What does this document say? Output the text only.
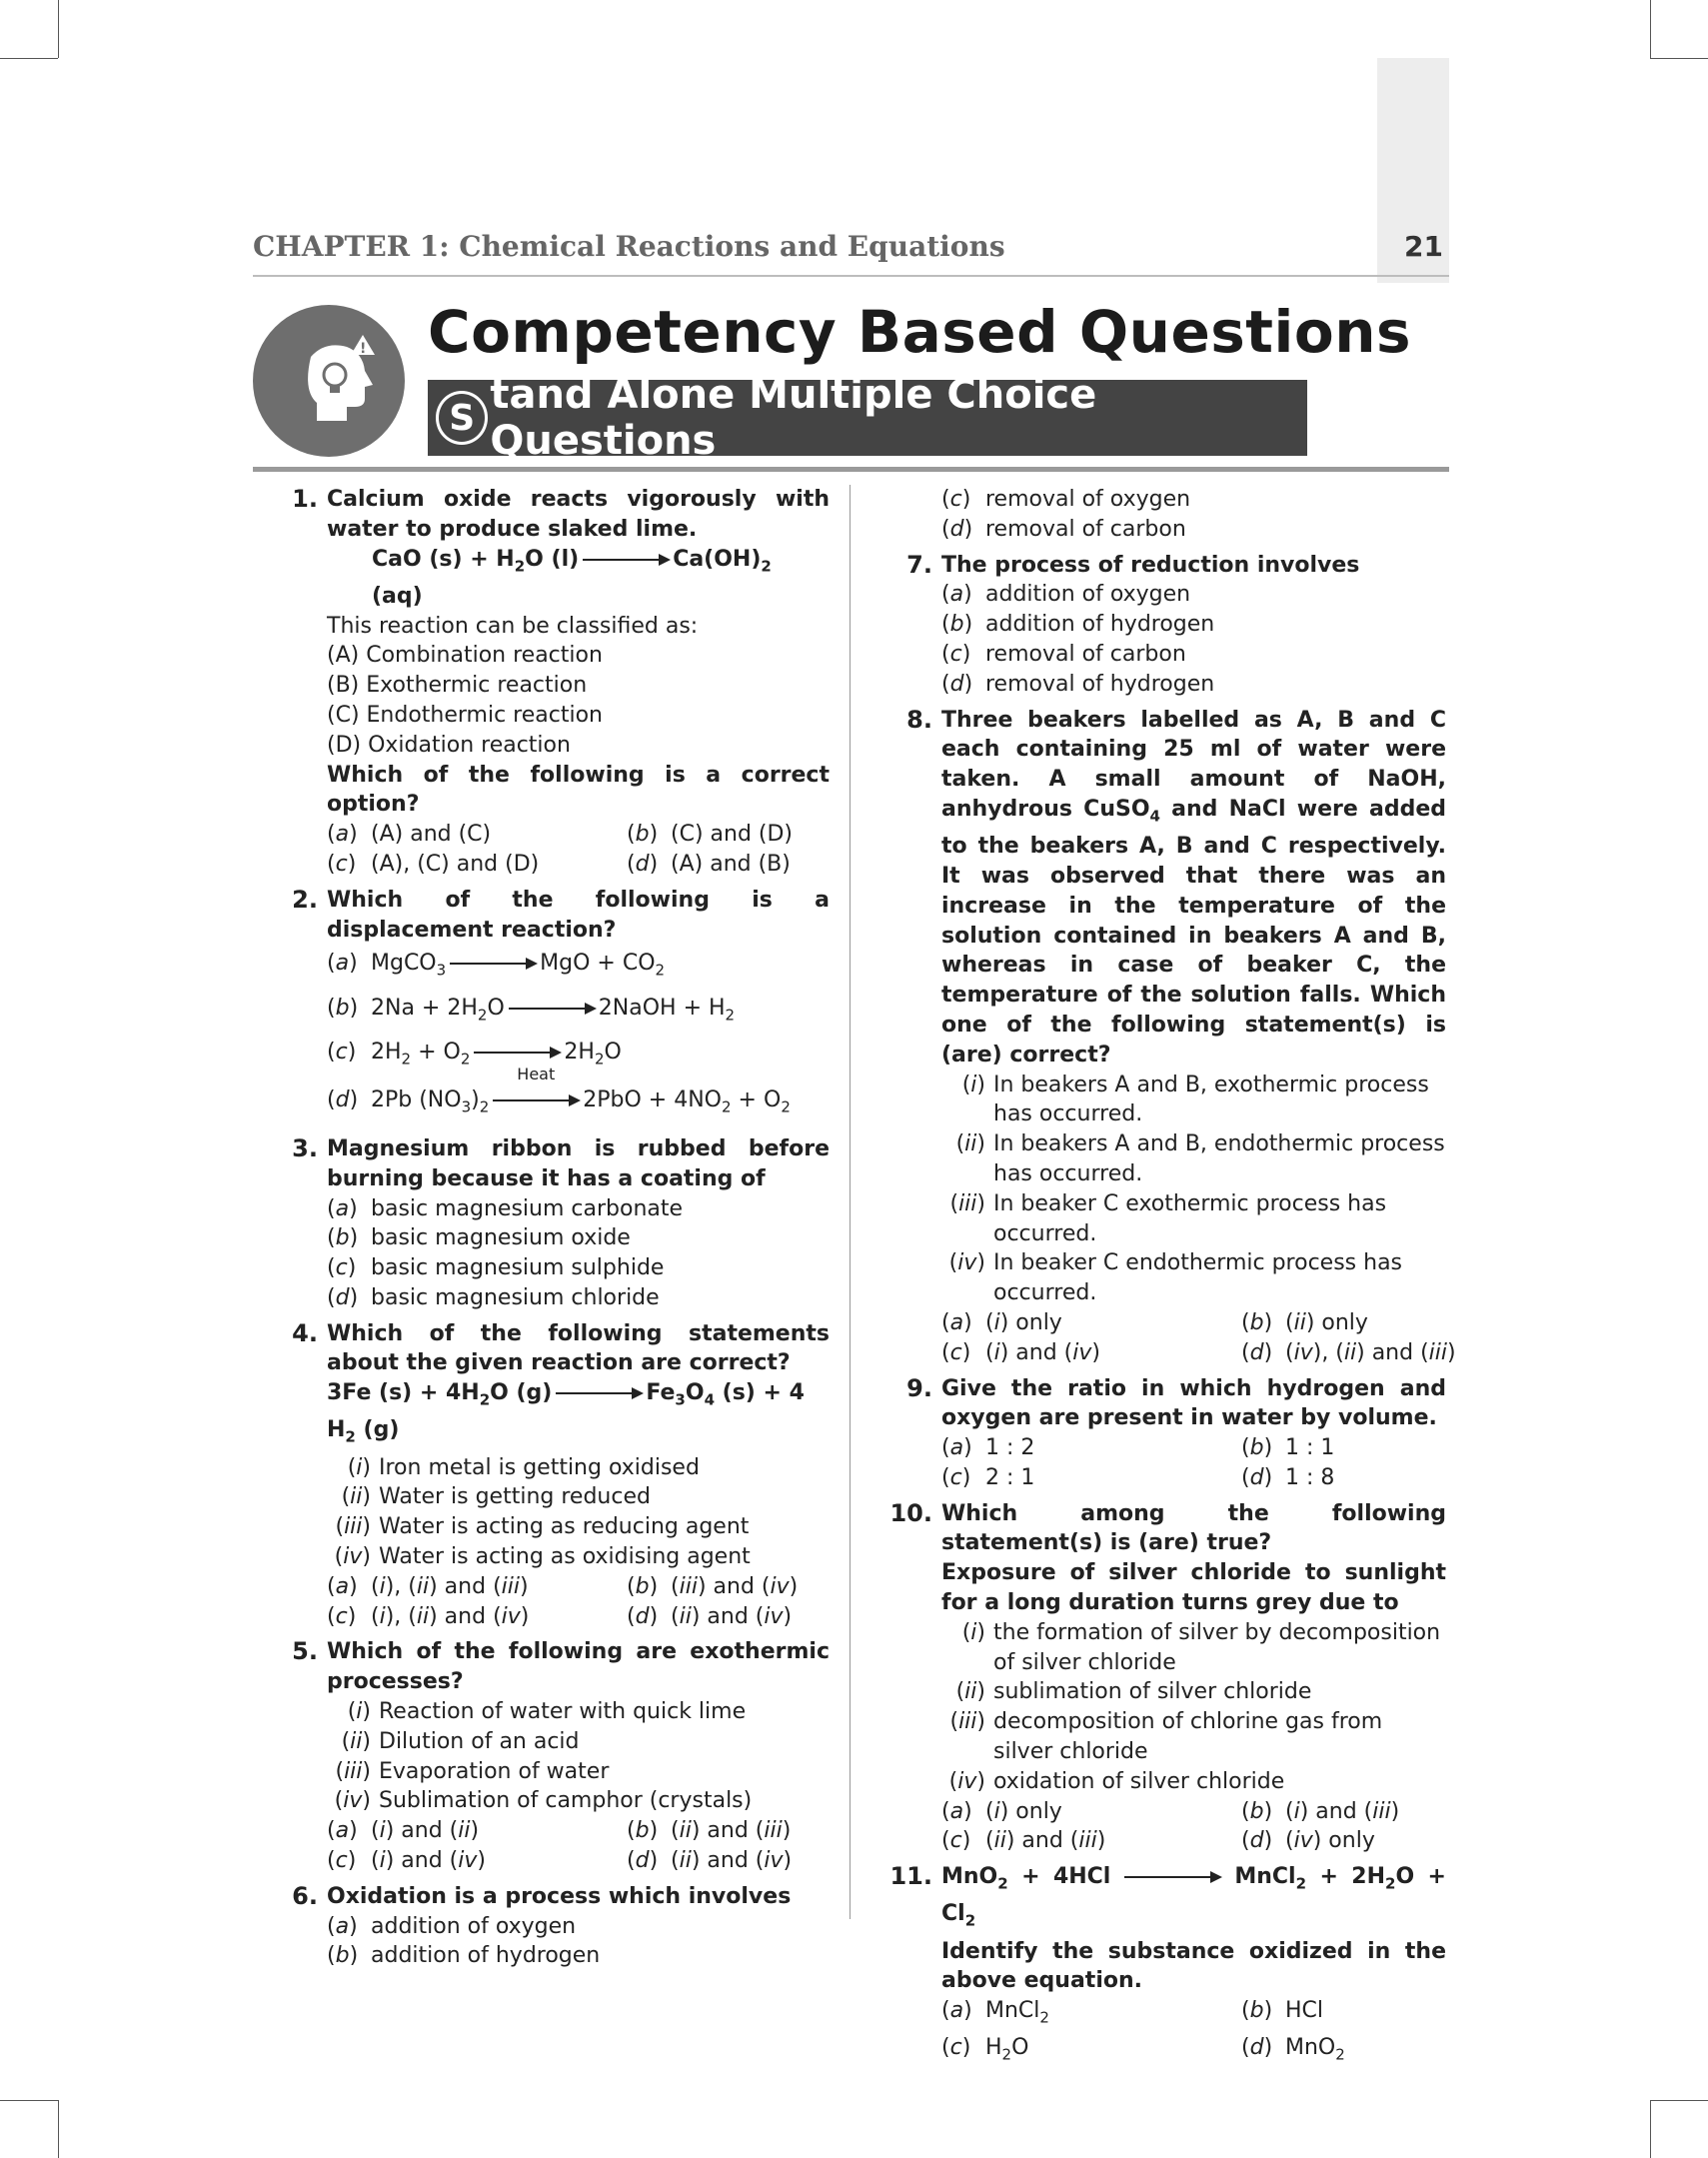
CHAPTER 1: Chemical Reactions and Equations	21
! Competency Based Questions
S tand Alone Multiple Choice Questions
1. Calcium oxide reacts vigorously with water to produce slaked lime.
CaO $(s) + H_2O$ (l)	$Ca(OH)_2$ (aq)
This reaction can be classified as:
(A) Combination reaction
(B) Exothermic reaction
(C) Endothermic reaction
(D) Oxidation reaction
Which of the following is a correct option?
(a) (A) and (C)	(b) (C) and (D)
(c) (A), (C) and (D)	(d) (A) and (B)
2. Which of the following is a displacement reaction?
(a) MgCO$_3$	MgO + $CO_2$
(b) $2Na + 2H_2O$	2NaOH + $H_2$
(c) $2H_2 + O_2$	$2H_2O$
(d) 2Pb $(NO_3)_2$
Heat
$2PbO + 4NO_2 + O_2$
3. Magnesium ribbon is rubbed before burning because it has a coating of
(a) basic magnesium carbonate
(b) basic magnesium oxide
(c) basic magnesium sulphide
(d) basic magnesium chloride
4. Which of the following statements about the given reaction are correct?
3Fe $(s) + 4H_2O$ (g)	$Fe_3O_4$ (s) + 4 $H_2$ (g)
(i) Iron metal is getting oxidised
(ii) Water is getting reduced
(iii) Water is acting as reducing agent
(iv) Water is acting as oxidising agent
(a) (i), (ii) and (iii)	(b) (iii) and (iv)
(c) (i), (ii) and (iv)	(d) (ii) and (iv)
5. Which of the following are exothermic processes?
(i) Reaction of water with quick lime
(ii) Dilution of an acid
(iii) Evaporation of water
(iv) Sublimation of camphor (crystals)
(a) (i) and (ii)	(b) (ii) and (iii)
(c) (i) and (iv)	(d) (ii) and (iv)
6. Oxidation is a process which involves
(a) addition of oxygen
(b) addition of hydrogen
(c) removal of oxygen
(d) removal of carbon
7. The process of reduction involves
(a) addition of oxygen
(b) addition of hydrogen
(c) removal of carbon
(d) removal of hydrogen
8. Three beakers labelled as A, B and C each containing 25 ml of water were taken. A small amount of NaOH, anhydrous CuSO$_4$ and NaCl were added to the beakers A, B and C respectively. It was observed that there was an increase in the temperature of the solution contained in beakers A and B, whereas in case of beaker C, the temperature of the solution falls. Which one of the following statement(s) is (are) correct?
(i) In beakers A and B, exothermic process has occurred.
(ii) In beakers A and B, endothermic process has occurred.
(iii) In beaker C exothermic process has occurred.
(iv) In beaker C endothermic process has occurred.
(a) (i) only	(b) (ii) only
(c) (i) and (iv)	(d) (iv), (ii) and (iii)
9. Give the ratio in which hydrogen and oxygen are present in water by volume.
(a) 1 : 2	(b) 1 : 1
(c) 2 : 1	(d) 1 : 8
10. Which among the following statement(s) is (are) true?
Exposure of silver chloride to sunlight for a long duration turns grey due to
(i) the formation of silver by decomposition of silver chloride
(ii) sublimation of silver chloride
(iii) decomposition of chlorine gas from silver chloride
(iv) oxidation of silver chloride
(a) (i) only	(b) (i) and (iii)
(c) (ii) and (iii)	(d) (iv) only
11. MnO$_2$ + 4HCl	MnCl$_2$ + $2H_2O + Cl_2$
Identify the substance oxidized in the above equation.
(a) MnCl$_2$	(b) HCl
(c) $H_2O$	(d) MnO$_2$
